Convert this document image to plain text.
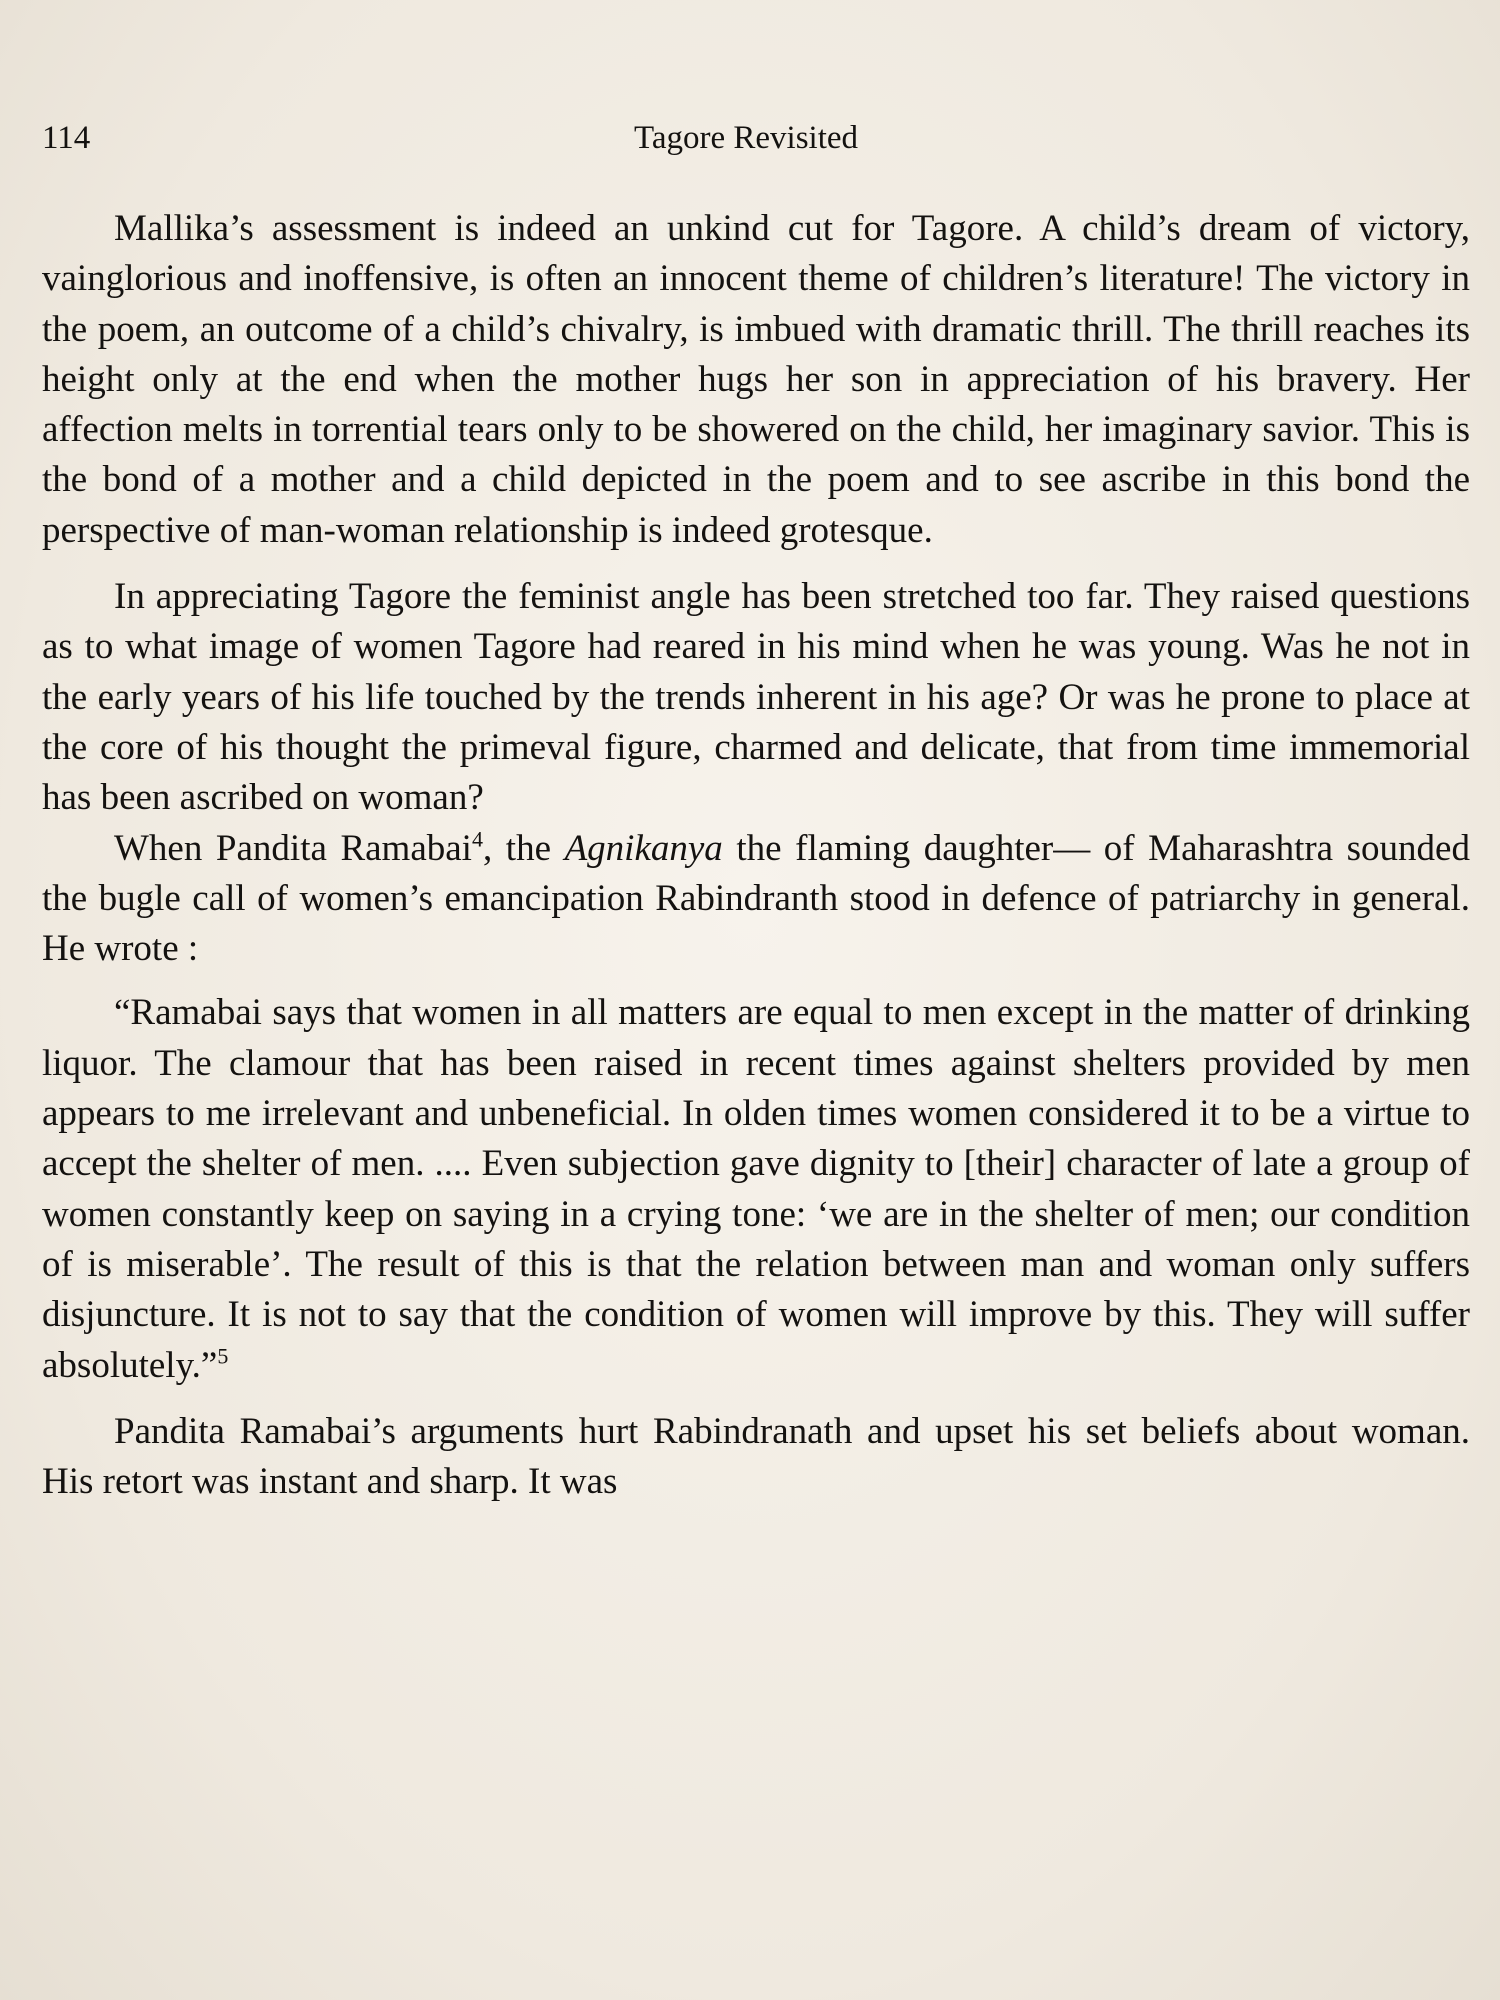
114	Tagore Revisited

Mallika’s assessment is indeed an unkind cut for Tagore. A child’s dream of victory, vainglorious and inoffensive, is often an innocent theme of children’s literature! The victory in the poem, an outcome of a child’s chivalry, is imbued with dramatic thrill. The thrill reaches its height only at the end when the mother hugs her son in appreciation of his bravery. Her affection melts in torrential tears only to be showered on the child, her imaginary savior. This is the bond of a mother and a child depicted in the poem and to see ascribe in this bond the perspective of man-woman relationship is indeed grotesque.

In appreciating Tagore the feminist angle has been stretched too far. They raised questions as to what image of women Tagore had reared in his mind when he was young. Was he not in the early years of his life touched by the trends inherent in his age? Or was he prone to place at the core of his thought the primeval figure, charmed and delicate, that from time immemorial has been ascribed on woman?

When Pandita Ramabai$^4$, the Agnikanya the flaming daughter— of Maharashtra sounded the bugle call of women’s emancipation Rabindranth stood in defence of patriarchy in general. He wrote :

“Ramabai says that women in all matters are equal to men except in the matter of drinking liquor. The clamour that has been raised in recent times against shelters provided by men appears to me irrelevant and unbeneficial. In olden times women considered it to be a virtue to accept the shelter of men. .... Even subjection gave dignity to [their] character of late a group of women constantly keep on saying in a crying tone: ‘we are in the shelter of men; our condition of is miserable’. The result of this is that the relation between man and woman only suffers disjuncture. It is not to say that the condition of women will improve by this. They will suffer absolutely.”$^5$

Pandita Ramabai’s arguments hurt Rabindranath and upset his set beliefs about woman. His retort was instant and sharp. It was
